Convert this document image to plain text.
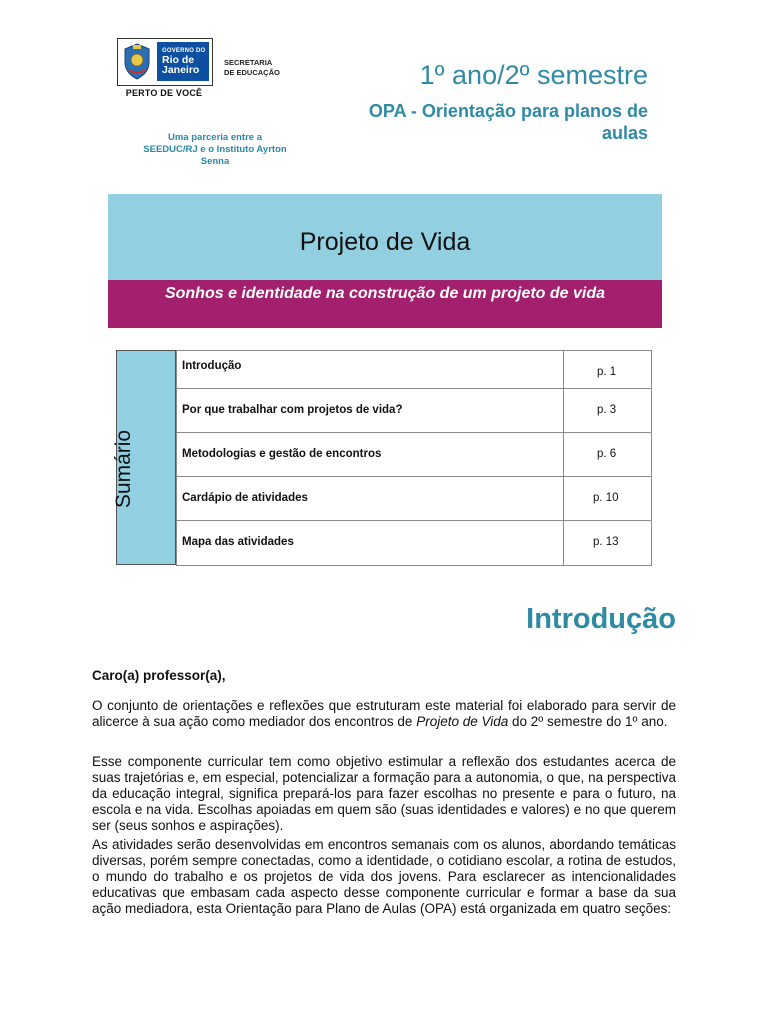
GOVERNO DO
Rio de Janeiro
PERTO DE VOCÊ
SECRETARIA
DE EDUCAÇÃO
Uma parceria entre a SEEDUC/RJ e o Instituto Ayrton Senna
1º ano/2º semestre
OPA - Orientação para planos de aulas
Projeto de Vida
Sonhos e identidade na construção de um projeto de vida
Sumário
Introdução	p. 1
Por que trabalhar com projetos de vida?	p. 3
Metodologias e gestão de encontros	p. 6
Cardápio de atividades	p. 10
Mapa das atividades	p. 13
Introdução
Caro(a) professor(a),
O conjunto de orientações e reflexões que estruturam este material foi elaborado para servir de alicerce à sua ação como mediador dos encontros de Projeto de Vida do 2º semestre do 1º ano.
Esse componente curricular tem como objetivo estimular a reflexão dos estudantes acerca de suas trajetórias e, em especial, potencializar a formação para a autonomia, o que, na perspectiva da educação integral, significa prepará-los para fazer escolhas no presente e para o futuro, na escola e na vida. Escolhas apoiadas em quem são (suas identidades e valores) e no que querem ser (seus sonhos e aspirações).
As atividades serão desenvolvidas em encontros semanais com os alunos, abordando temáticas diversas, porém sempre conectadas, como a identidade, o cotidiano escolar, a rotina de estudos, o mundo do trabalho e os projetos de vida dos jovens. Para esclarecer as intencionalidades educativas que embasam cada aspecto desse componente curricular e formar a base da sua ação mediadora, esta Orientação para Plano de Aulas (OPA) está organizada em quatro seções:
